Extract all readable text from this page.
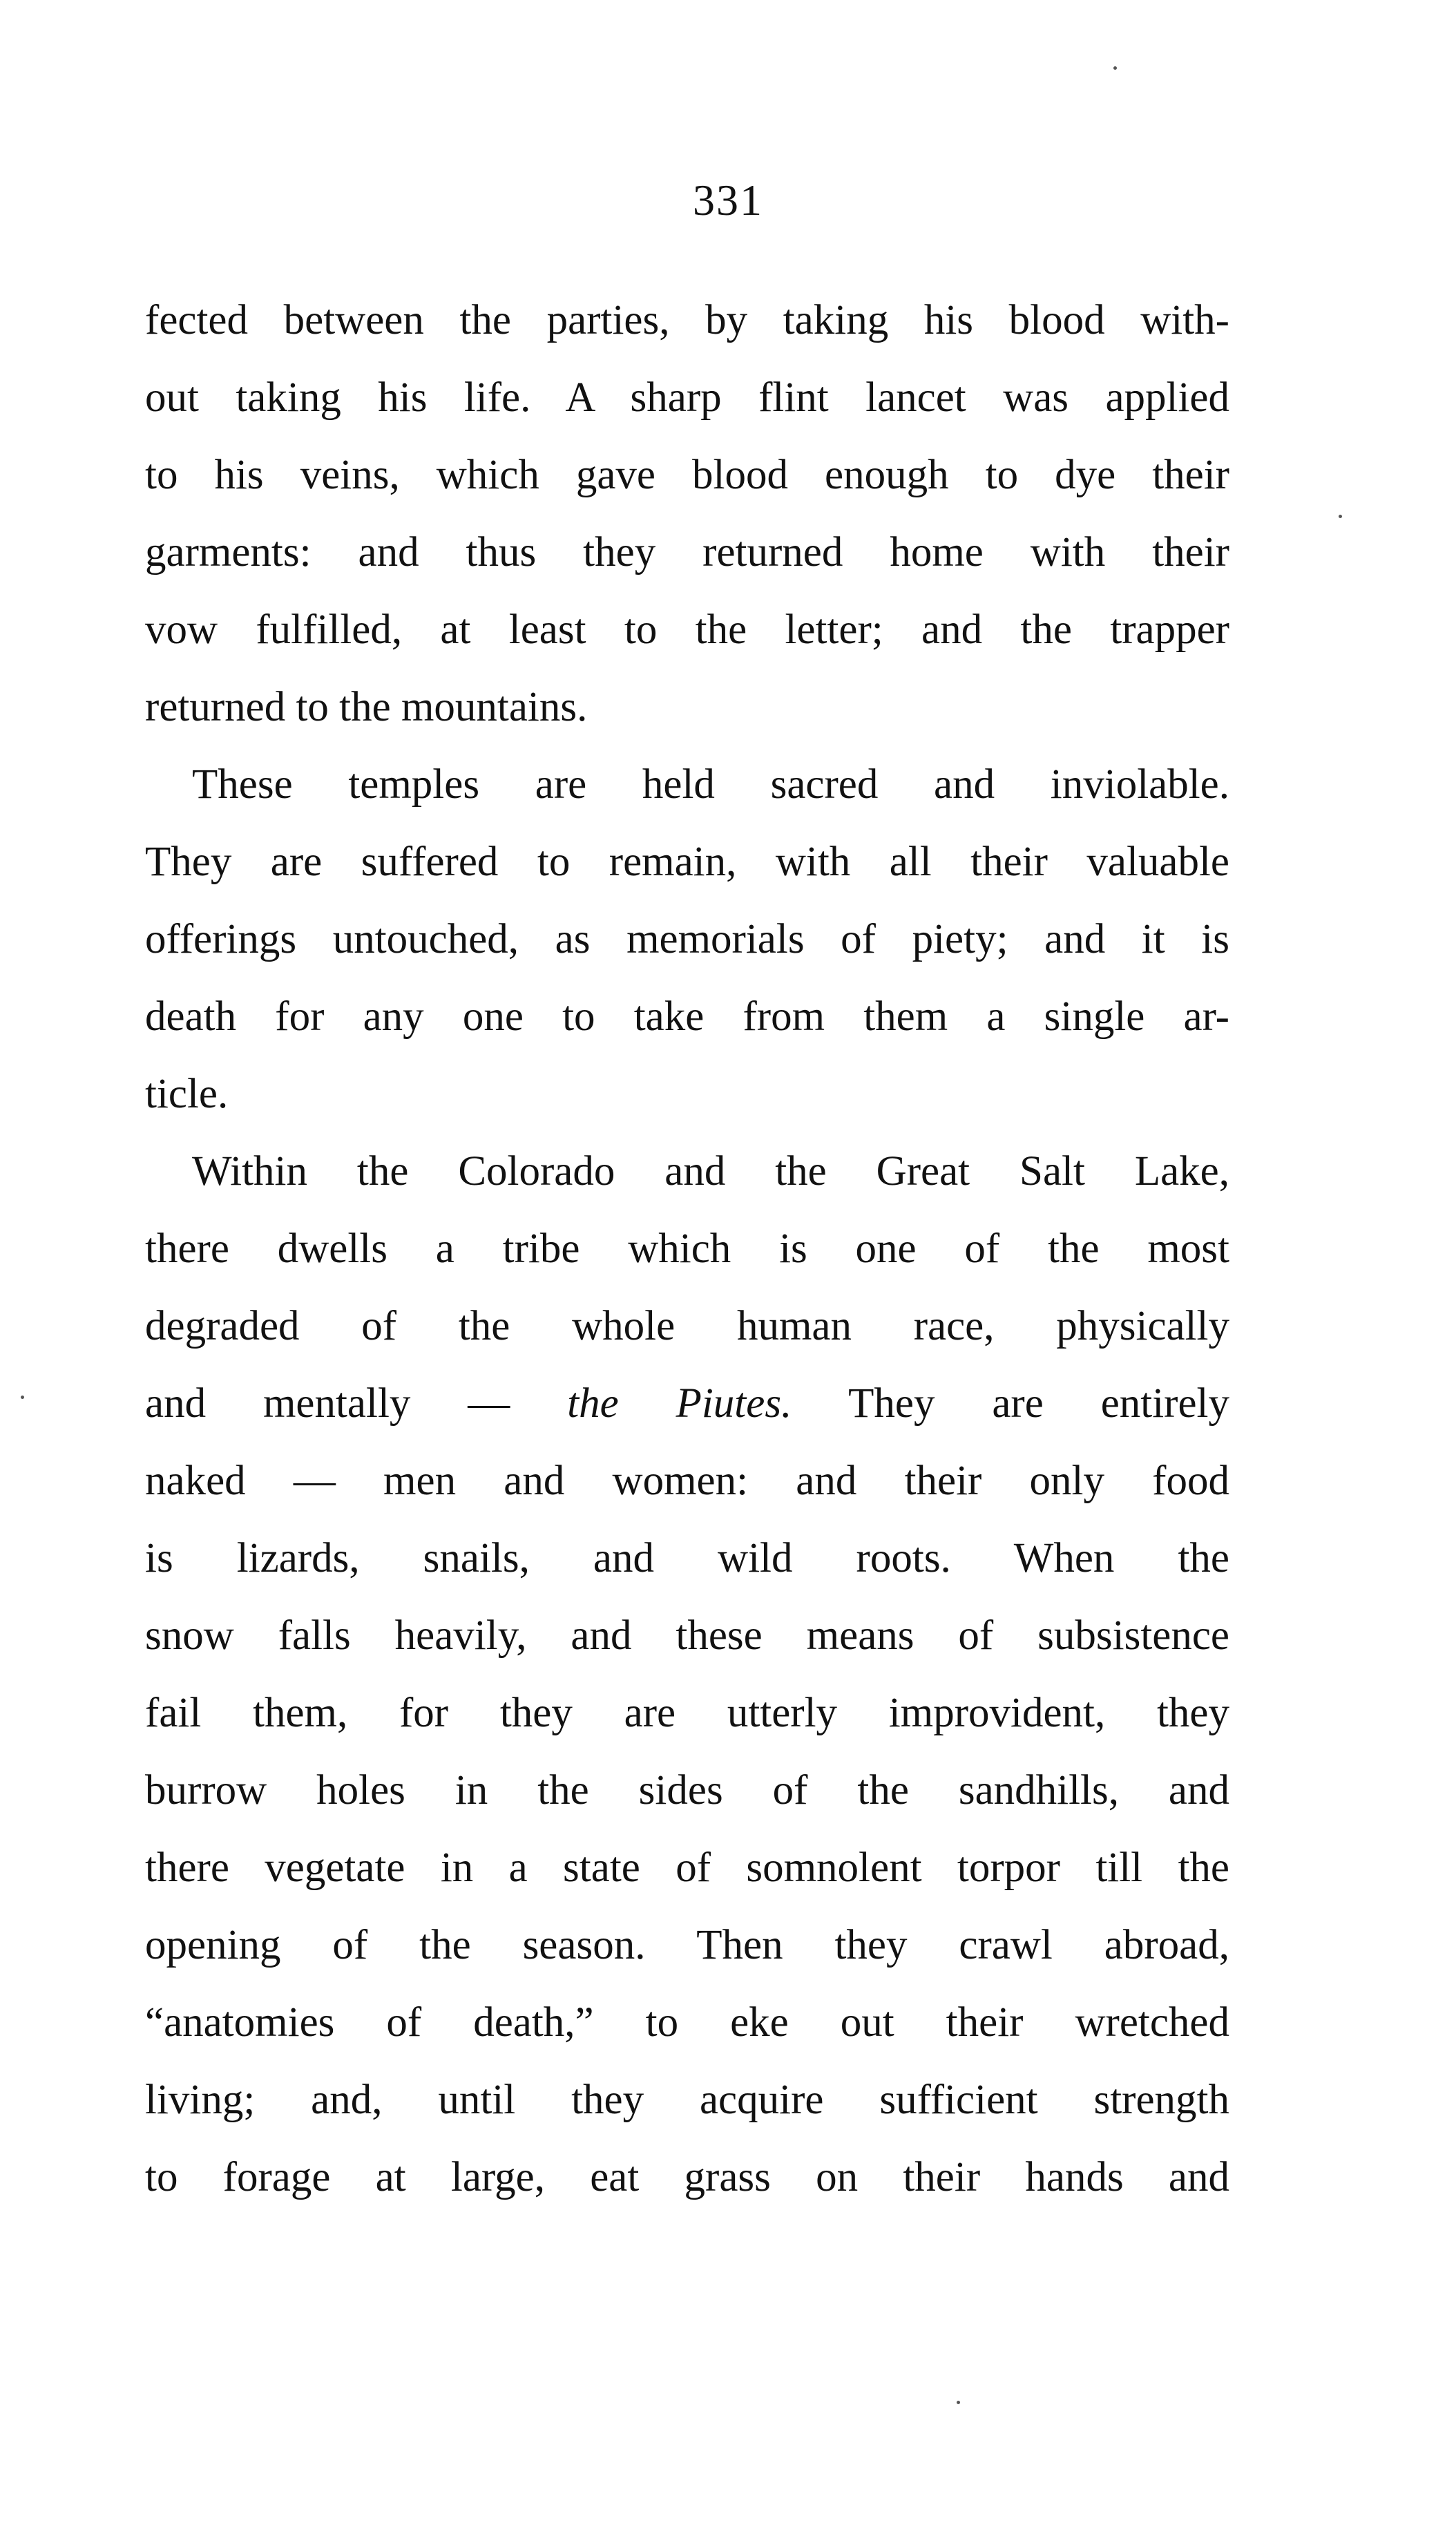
331
fected between the parties, by taking his blood with-
out taking his life. A sharp flint lancet was applied
to his veins, which gave blood enough to dye their
garments: and thus they returned home with their
vow fulfilled, at least to the letter; and the trapper
returned to the mountains.
These temples are held sacred and inviolable.
They are suffered to remain, with all their valuable
offerings untouched, as memorials of piety; and it is
death for any one to take from them a single ar-
ticle.
Within the Colorado and the Great Salt Lake,
there dwells a tribe which is one of the most
degraded of the whole human race, physically
and mentally — the Piutes. They are entirely
naked — men and women: and their only food
is lizards, snails, and wild roots. When the
snow falls heavily, and these means of subsistence
fail them, for they are utterly improvident, they
burrow holes in the sides of the sandhills, and
there vegetate in a state of somnolent torpor till the
opening of the season. Then they crawl abroad,
“anatomies of death,” to eke out their wretched
living; and, until they acquire sufficient strength
to forage at large, eat grass on their hands and
